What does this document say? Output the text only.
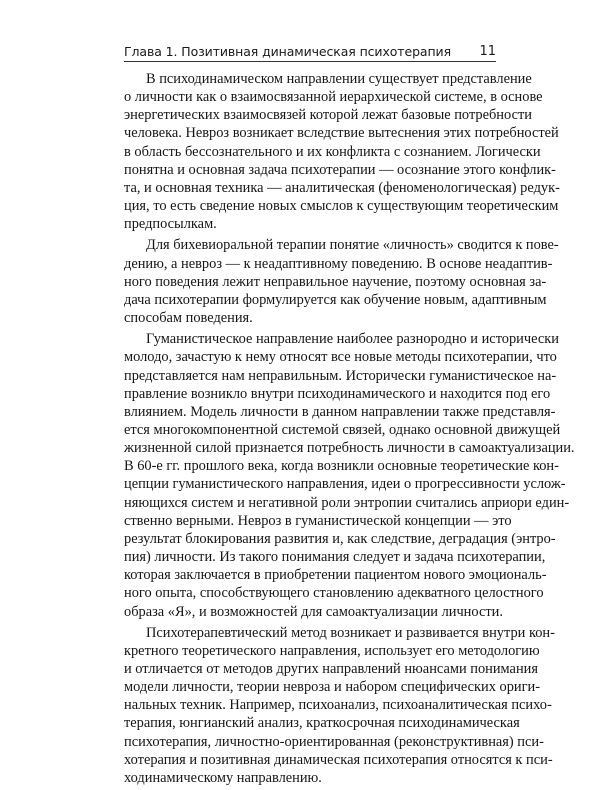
Глава 1. Позитивная динамическая психотерапия 11

В психодинамическом направлении существует представление
о личности как о взаимосвязанной иерархической системе, в основе
энергетических взаимосвязей которой лежат базовые потребности
человека. Невроз возникает вследствие вытеснения этих потребностей
в область бессознательного и их конфликта с сознанием. Логически
понятна и основная задача психотерапии — осознание этого конфлик-
та, и основная техника — аналитическая (феноменологическая) редук-
ция, то есть сведение новых смыслов к существующим теоретическим
предпосылкам.

Для бихевиоральной терапии понятие «личность» сводится к пове-
дению, а невроз — к неадаптивному поведению. В основе неадаптив-
ного поведения лежит неправильное научение, поэтому основная за-
дача психотерапии формулируется как обучение новым, адаптивным
способам поведения.

Гуманистическое направление наиболее разнородно и исторически
молодо, зачастую к нему относят все новые методы психотерапии, что
представляется нам неправильным. Исторически гуманистическое на-
правление возникло внутри психодинамического и находится под его
влиянием. Модель личности в данном направлении также представля-
ется многокомпонентной системой связей, однако основной движущей
жизненной силой признается потребность личности в самоактуализации.
В 60-е гг. прошлого века, когда возникли основные теоретические кон-
цепции гуманистического направления, идеи о прогрессивности услож-
няющихся систем и негативной роли энтропии считались априори един-
ственно верными. Невроз в гуманистической концепции — это
результат блокирования развития и, как следствие, деградация (энтро-
пия) личности. Из такого понимания следует и задача психотерапии,
которая заключается в приобретении пациентом нового эмоциональ-
ного опыта, способствующего становлению адекватного целостного
образа «Я», и возможностей для самоактуализации личности.

Психотерапевтический метод возникает и развивается внутри кон-
кретного теоретического направления, использует его методологию
и отличается от методов других направлений нюансами понимания
модели личности, теории невроза и набором специфических ориги-
нальных техник. Например, психоанализ, психоаналитическая психо-
терапия, юнгианский анализ, краткосрочная психодинамическая
психотерапия, личностно-ориентированная (реконструктивная) пси-
хотерапия и позитивная динамическая психотерапия относятся к пси-
ходинамическому направлению.
